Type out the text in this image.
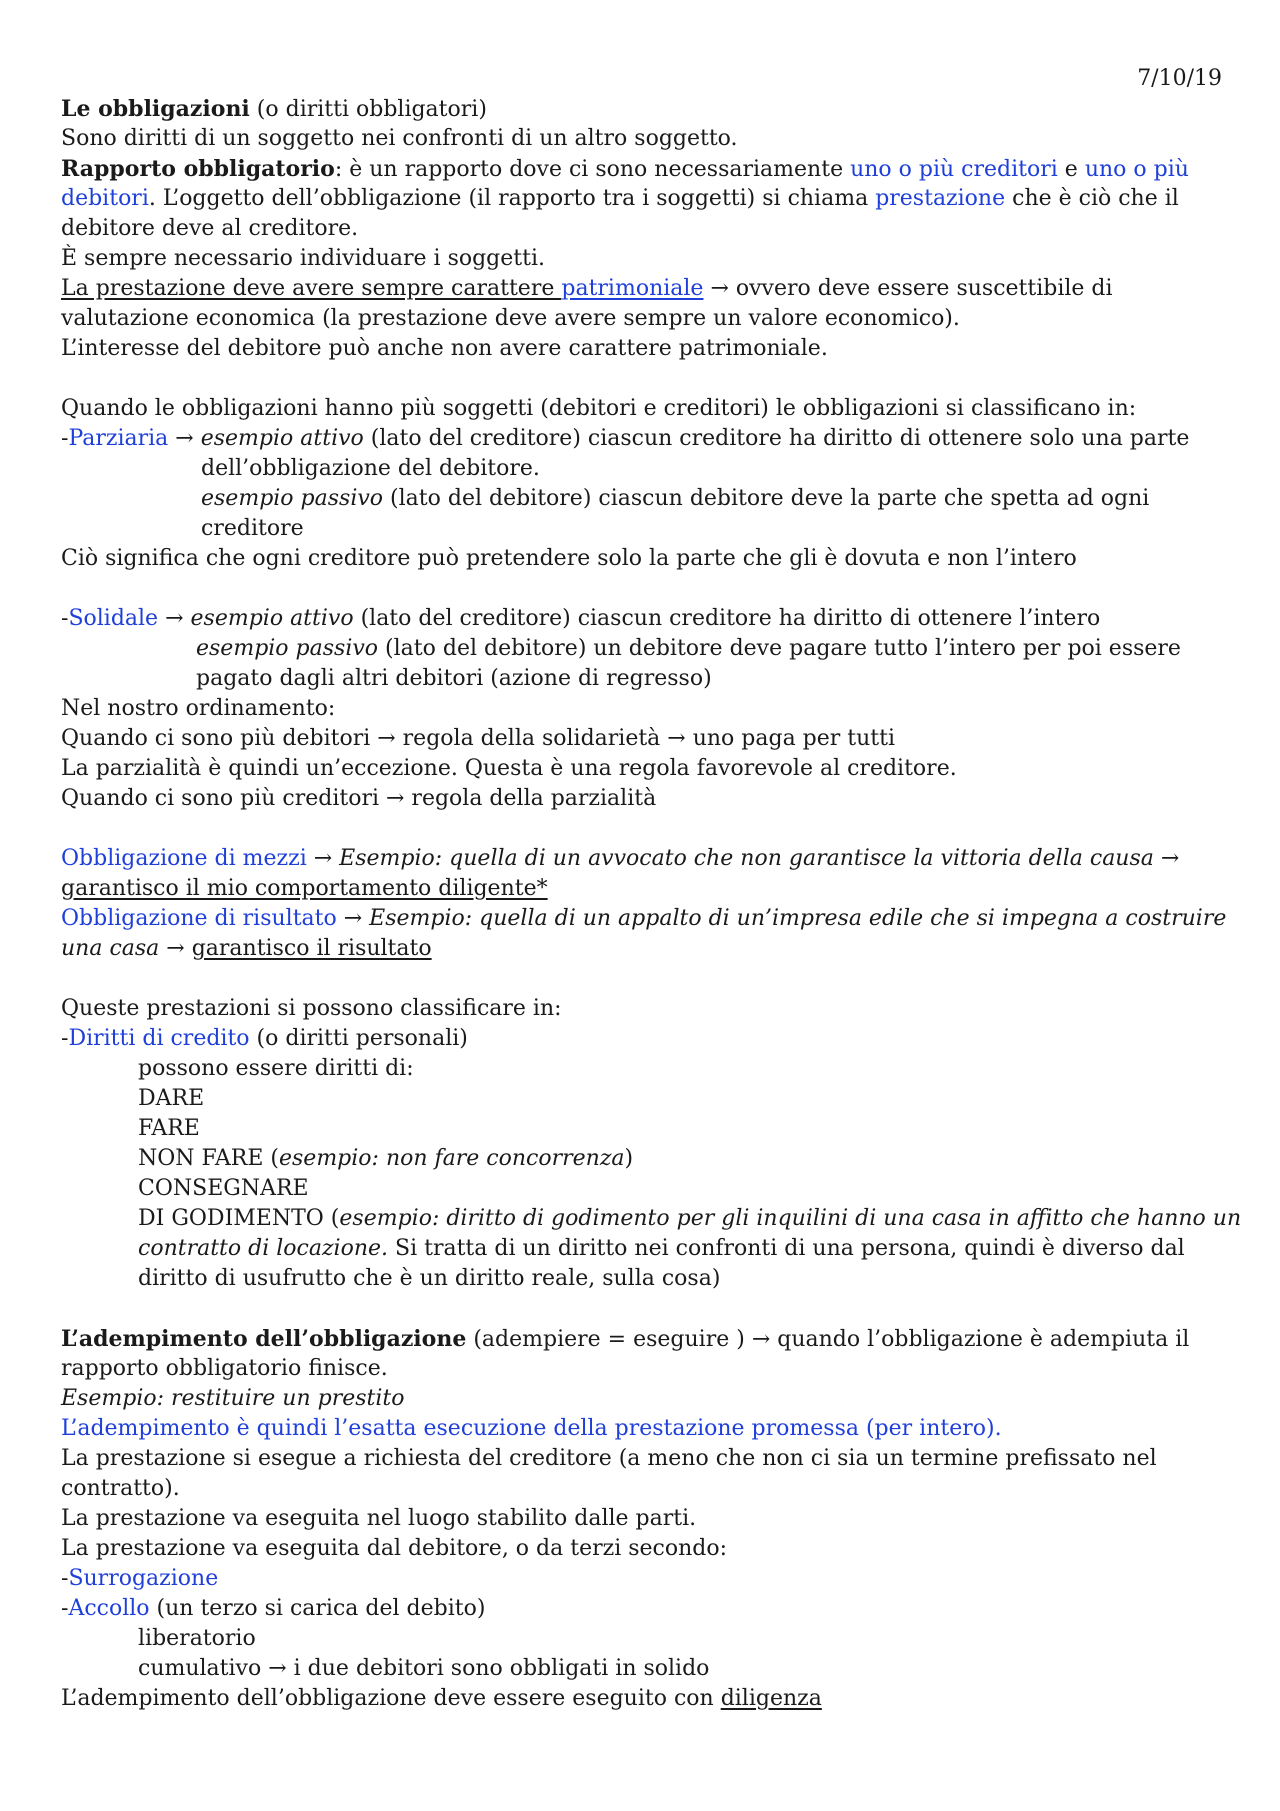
7/10/19
Le obbligazioni (o diritti obbligatori)
Sono diritti di un soggetto nei confronti di un altro soggetto.
Rapporto obbligatorio: è un rapporto dove ci sono necessariamente uno o più creditori e uno o più
debitori. L’oggetto dell’obbligazione (il rapporto tra i soggetti) si chiama prestazione che è ciò che il
debitore deve al creditore.
È sempre necessario individuare i soggetti.
La prestazione deve avere sempre carattere patrimoniale → ovvero deve essere suscettibile di
valutazione economica (la prestazione deve avere sempre un valore economico).
L’interesse del debitore può anche non avere carattere patrimoniale.
Quando le obbligazioni hanno più soggetti (debitori e creditori) le obbligazioni si classificano in:
-Parziaria → esempio attivo (lato del creditore) ciascun creditore ha diritto di ottenere solo una parte
dell’obbligazione del debitore.
esempio passivo (lato del debitore) ciascun debitore deve la parte che spetta ad ogni
creditore
Ciò significa che ogni creditore può pretendere solo la parte che gli è dovuta e non l’intero
-Solidale → esempio attivo (lato del creditore) ciascun creditore ha diritto di ottenere l’intero
esempio passivo (lato del debitore) un debitore deve pagare tutto l’intero per poi essere
pagato dagli altri debitori (azione di regresso)
Nel nostro ordinamento:
Quando ci sono più debitori → regola della solidarietà → uno paga per tutti
La parzialità è quindi un’eccezione. Questa è una regola favorevole al creditore.
Quando ci sono più creditori → regola della parzialità
Obbligazione di mezzi → Esempio: quella di un avvocato che non garantisce la vittoria della causa →
garantisco il mio comportamento diligente*
Obbligazione di risultato → Esempio: quella di un appalto di un’impresa edile che si impegna a costruire
una casa → garantisco il risultato
Queste prestazioni si possono classificare in:
-Diritti di credito (o diritti personali)
possono essere diritti di:
DARE
FARE
NON FARE (esempio: non fare concorrenza)
CONSEGNARE
DI GODIMENTO (esempio: diritto di godimento per gli inquilini di una casa in affitto che hanno un
contratto di locazione. Si tratta di un diritto nei confronti di una persona, quindi è diverso dal
diritto di usufrutto che è un diritto reale, sulla cosa)
L’adempimento dell’obbligazione (adempiere = eseguire ) → quando l’obbligazione è adempiuta il
rapporto obbligatorio finisce.
Esempio: restituire un prestito
L’adempimento è quindi l’esatta esecuzione della prestazione promessa (per intero).
La prestazione si esegue a richiesta del creditore (a meno che non ci sia un termine prefissato nel
contratto).
La prestazione va eseguita nel luogo stabilito dalle parti.
La prestazione va eseguita dal debitore, o da terzi secondo:
-Surrogazione
-Accollo (un terzo si carica del debito)
liberatorio
cumulativo → i due debitori sono obbligati in solido
L’adempimento dell’obbligazione deve essere eseguito con diligenza
